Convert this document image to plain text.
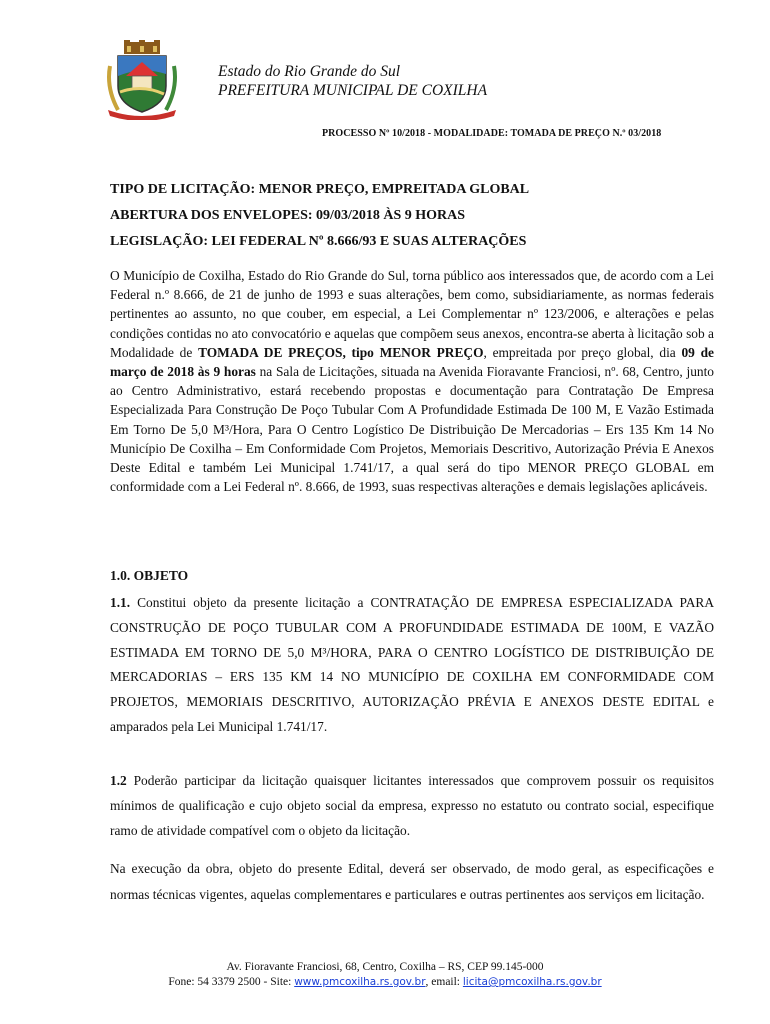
Estado do Rio Grande do Sul
PREFEITURA MUNICIPAL DE COXILHA
PROCESSO Nº 10/2018 - MODALIDADE: TOMADA DE PREÇO N.º 03/2018
TIPO DE LICITAÇÃO: MENOR PREÇO, EMPREITADA GLOBAL
ABERTURA DOS ENVELOPES: 09/03/2018 ÀS 9 HORAS
LEGISLAÇÃO: LEI FEDERAL Nº 8.666/93 E SUAS ALTERAÇÕES
O Município de Coxilha, Estado do Rio Grande do Sul, torna público aos interessados que, de acordo com a Lei Federal n.º 8.666, de 21 de junho de 1993 e suas alterações, bem como, subsidiariamente, as normas federais pertinentes ao assunto, no que couber, em especial, a Lei Complementar nº 123/2006, e alterações e pelas condições contidas no ato convocatório e aquelas que compõem seus anexos, encontra-se aberta à licitação sob a Modalidade de TOMADA DE PREÇOS, tipo MENOR PREÇO, empreitada por preço global, dia 09 de março de 2018 às 9 horas na Sala de Licitações, situada na Avenida Fioravante Franciosi, nº. 68, Centro, junto ao Centro Administrativo, estará recebendo propostas e documentação para Contratação De Empresa Especializada Para Construção De Poço Tubular Com A Profundidade Estimada De 100 M, E Vazão Estimada Em Torno De 5,0 M³/Hora, Para O Centro Logístico De Distribuição De Mercadorias – Ers 135 Km 14 No Município De Coxilha – Em Conformidade Com Projetos, Memoriais Descritivo, Autorização Prévia E Anexos Deste Edital e também Lei Municipal 1.741/17, a qual será do tipo MENOR PREÇO GLOBAL em conformidade com a Lei Federal nº. 8.666, de 1993, suas respectivas alterações e demais legislações aplicáveis.
1.0. OBJETO
1.1. Constitui objeto da presente licitação a CONTRATAÇÃO DE EMPRESA ESPECIALIZADA PARA CONSTRUÇÃO DE POÇO TUBULAR COM A PROFUNDIDADE ESTIMADA DE 100M, E VAZÃO ESTIMADA EM TORNO DE 5,0 M³/HORA, PARA O CENTRO LOGÍSTICO DE DISTRIBUIÇÃO DE MERCADORIAS – ERS 135 KM 14 NO MUNICÍPIO DE COXILHA EM CONFORMIDADE COM PROJETOS, MEMORIAIS DESCRITIVO, AUTORIZAÇÃO PRÉVIA E ANEXOS DESTE EDITAL e amparados pela Lei Municipal 1.741/17.
1.2 Poderão participar da licitação quaisquer licitantes interessados que comprovem possuir os requisitos mínimos de qualificação e cujo objeto social da empresa, expresso no estatuto ou contrato social, especifique ramo de atividade compatível com o objeto da licitação.
Na execução da obra, objeto do presente Edital, deverá ser observado, de modo geral, as especificações e normas técnicas vigentes, aquelas complementares e particulares e outras pertinentes aos serviços em licitação.
Av. Fioravante Franciosi, 68, Centro, Coxilha – RS, CEP 99.145-000
Fone: 54 3379 2500 - Site: www.pmcoxilha.rs.gov.br, email: licita@pmcoxilha.rs.gov.br
